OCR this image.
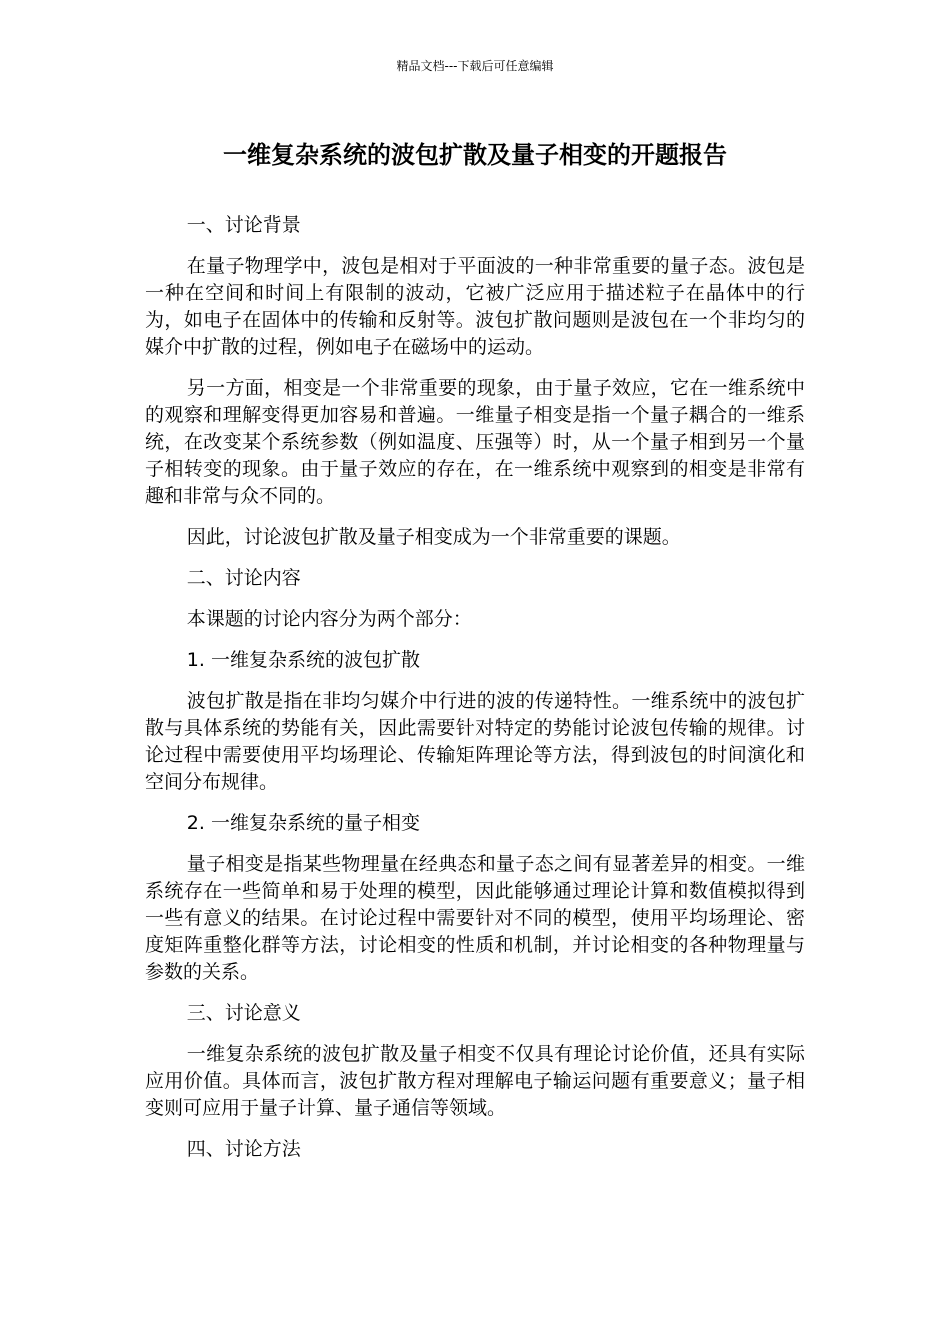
精品文档---下载后可任意编辑
一维复杂系统的波包扩散及量子相变的开题报告

一、讨论背景

在量子物理学中，波包是相对于平面波的一种非常重要的量子态。波包是一种在空间和时间上有限制的波动，它被广泛应用于描述粒子在晶体中的行为，如电子在固体中的传输和反射等。波包扩散问题则是波包在一个非均匀的媒介中扩散的过程，例如电子在磁场中的运动。

另一方面，相变是一个非常重要的现象，由于量子效应，它在一维系统中的观察和理解变得更加容易和普遍。一维量子相变是指一个量子耦合的一维系统，在改变某个系统参数（例如温度、压强等）时，从一个量子相到另一个量子相转变的现象。由于量子效应的存在，在一维系统中观察到的相变是非常有趣和非常与众不同的。

因此，讨论波包扩散及量子相变成为一个非常重要的课题。

二、讨论内容

本课题的讨论内容分为两个部分：

1. 一维复杂系统的波包扩散

波包扩散是指在非均匀媒介中行进的波的传递特性。一维系统中的波包扩散与具体系统的势能有关，因此需要针对特定的势能讨论波包传输的规律。讨论过程中需要使用平均场理论、传输矩阵理论等方法，得到波包的时间演化和空间分布规律。

2. 一维复杂系统的量子相变

量子相变是指某些物理量在经典态和量子态之间有显著差异的相变。一维系统存在一些简单和易于处理的模型，因此能够通过理论计算和数值模拟得到一些有意义的结果。在讨论过程中需要针对不同的模型，使用平均场理论、密度矩阵重整化群等方法，讨论相变的性质和机制，并讨论相变的各种物理量与参数的关系。

三、讨论意义

一维复杂系统的波包扩散及量子相变不仅具有理论讨论价值，还具有实际应用价值。具体而言，波包扩散方程对理解电子输运问题有重要意义；量子相变则可应用于量子计算、量子通信等领域。

四、讨论方法
